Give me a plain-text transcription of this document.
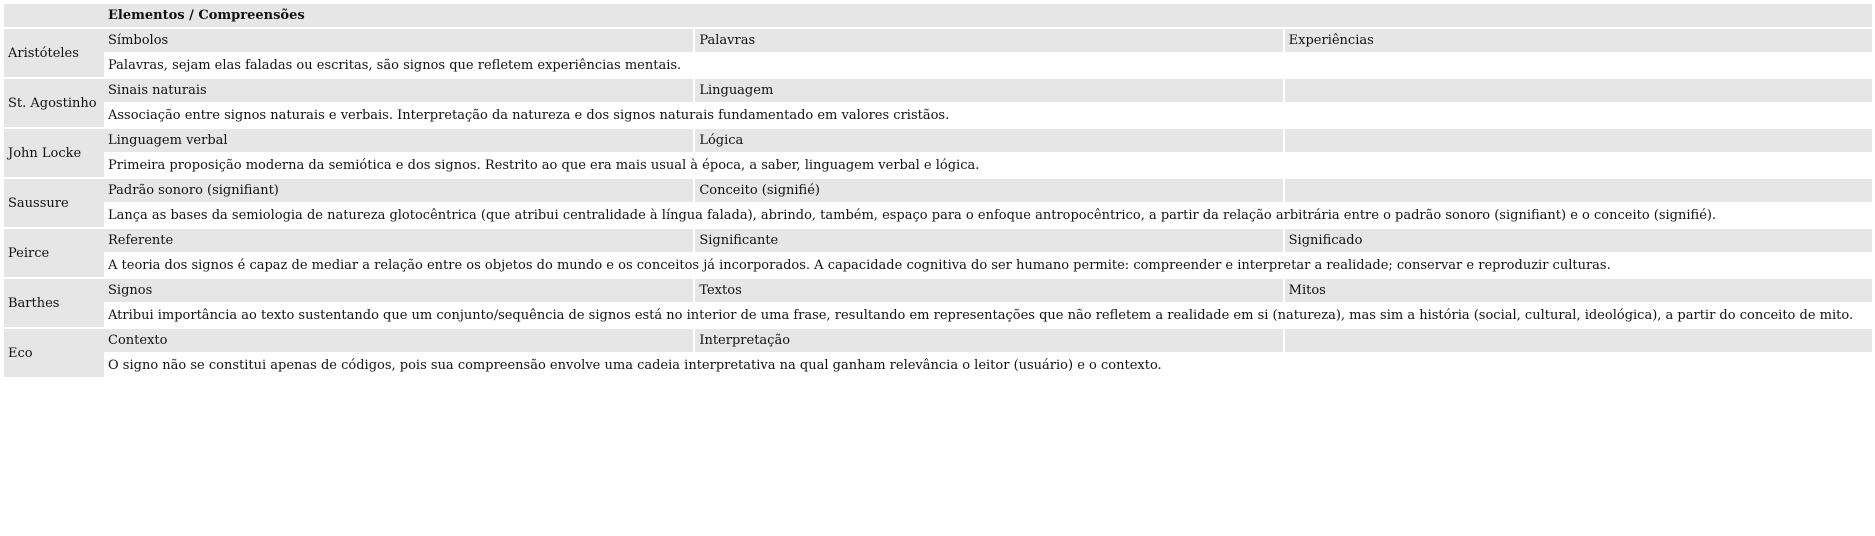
	Elementos / Compreensões		
Aristóteles	Símbolos	Palavras	Experiências
	Palavras, sejam elas faladas ou escritas, são signos que refletem experiências mentais.		
St. Agostinho	Sinais naturais	Linguagem	
	Associação entre signos naturais e verbais. Interpretação da natureza e dos signos naturais fundamentado em valores cristãos.		
John Locke	Linguagem verbal	Lógica	
	Primeira proposição moderna da semiótica e dos signos. Restrito ao que era mais usual à época, a saber, linguagem verbal e lógica.		
Saussure	Padrão sonoro (signifiant)	Conceito (signifié)	
	Lança as bases da semiologia de natureza glotocêntrica (que atribui centralidade à língua falada), abrindo, também, espaço para o enfoque antropocêntrico, a partir da relação arbitrária entre o padrão sonoro (signifiant) e o conceito (signifié).		
Peirce	Referente	Significante	Significado
	A teoria dos signos é capaz de mediar a relação entre os objetos do mundo e os conceitos já incorporados. A capacidade cognitiva do ser humano permite: compreender e interpretar a realidade; conservar e reproduzir culturas.		
Barthes	Signos	Textos	Mitos
	Atribui importância ao texto sustentando que um conjunto/sequência de signos está no interior de uma frase, resultando em representações que não refletem a realidade em si (natureza), mas sim a história (social, cultural, ideológica), a partir do conceito de mito.		
Eco	Contexto	Interpretação	
	O signo não se constitui apenas de códigos, pois sua compreensão envolve uma cadeia interpretativa na qual ganham relevância o leitor (usuário) e o contexto.		
